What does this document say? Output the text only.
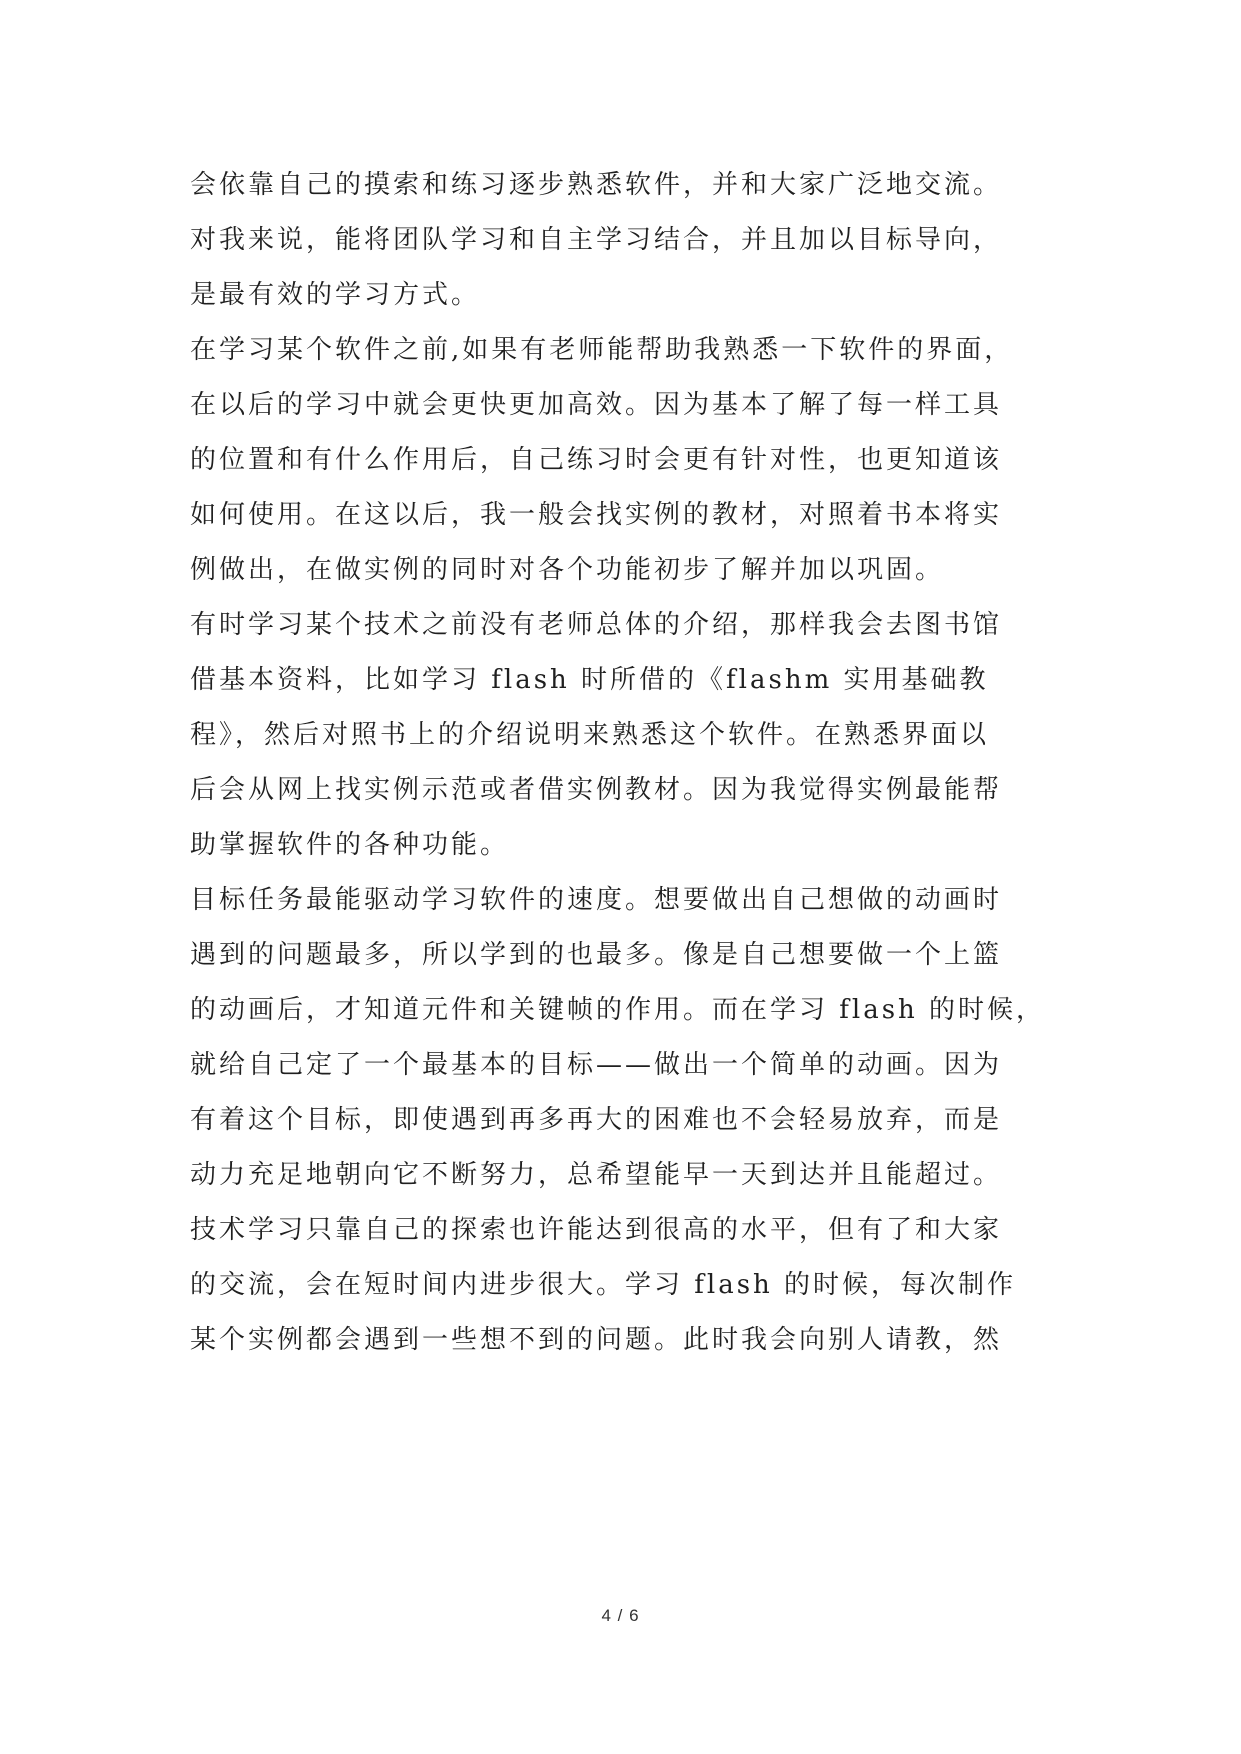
会依靠自己的摸索和练习逐步熟悉软件，并和大家广泛地交流。
对我来说，能将团队学习和自主学习结合，并且加以目标导向，
是最有效的学习方式。
在学习某个软件之前,如果有老师能帮助我熟悉一下软件的界面，
在以后的学习中就会更快更加高效。因为基本了解了每一样工具
的位置和有什么作用后，自己练习时会更有针对性，也更知道该
如何使用。在这以后，我一般会找实例的教材，对照着书本将实
例做出，在做实例的同时对各个功能初步了解并加以巩固。
有时学习某个技术之前没有老师总体的介绍，那样我会去图书馆
借基本资料，比如学习 flash 时所借的《flashm 实用基础教
程》，然后对照书上的介绍说明来熟悉这个软件。在熟悉界面以
后会从网上找实例示范或者借实例教材。因为我觉得实例最能帮
助掌握软件的各种功能。
目标任务最能驱动学习软件的速度。想要做出自己想做的动画时
遇到的问题最多，所以学到的也最多。像是自己想要做一个上篮
的动画后，才知道元件和关键帧的作用。而在学习 flash 的时候，
就给自己定了一个最基本的目标——做出一个简单的动画。因为
有着这个目标，即使遇到再多再大的困难也不会轻易放弃，而是
动力充足地朝向它不断努力，总希望能早一天到达并且能超过。
技术学习只靠自己的探索也许能达到很高的水平，但有了和大家
的交流，会在短时间内进步很大。学习 flash 的时候，每次制作
某个实例都会遇到一些想不到的问题。此时我会向别人请教，然
4 / 6
